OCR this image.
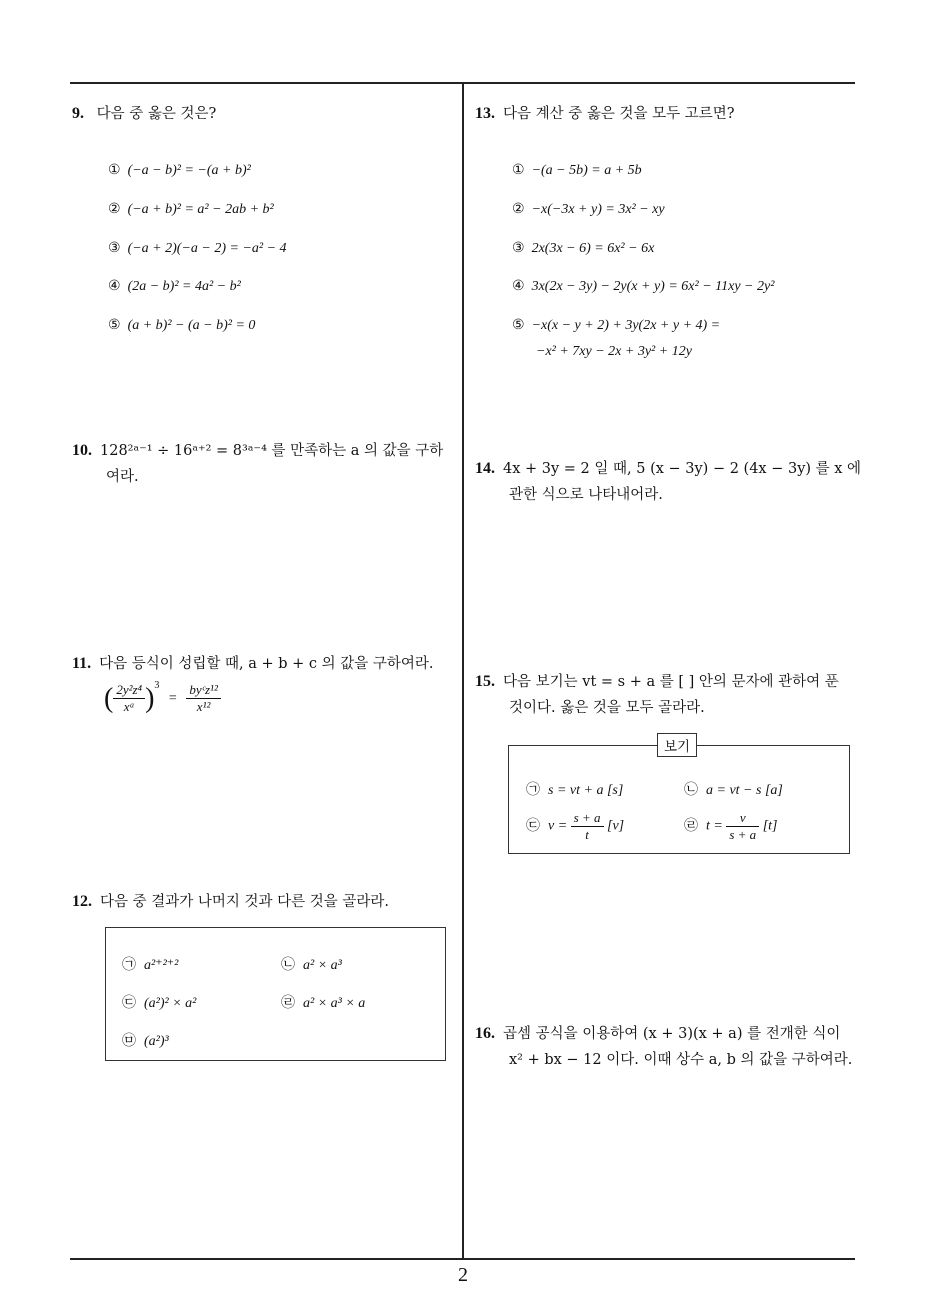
9. 다음 중 옳은 것은?
① (−a − b)² = −(a + b)²
② (−a + b)² = a² − 2ab + b²
③ (−a + 2)(−a − 2) = −a² − 4
④ (2a − b)² = 4a² − b²
⑤ (a + b)² − (a − b)² = 0
10. 128²ᵃ⁻¹ ÷ 16ᵃ⁺² = 8³ᵃ⁻⁴ 를 만족하는 a 의 값을 구하
여라.
11. 다음 등식이 성립할 때, a + b + c 의 값을 구하여라.
( $\frac{\text{2y²z⁴}}{\text{xᵃ}} )^3 = \frac{\text{byᶜz¹²}}{\text{x¹²}}$
12. 다음 중 결과가 나머지 것과 다른 것을 골라라.
㉠ a²⁺²⁺²	㉡ a² × a³
㉢ (a²)² × a²	㉣ a² × a³ × a
㉤ (a²)³
13. 다음 계산 중 옳은 것을 모두 고르면?
① −(a − 5b) = a + 5b
② −x(−3x + y) = 3x² − xy
③ 2x(3x − 6) = 6x² − 6x
④ 3x(2x − 3y) − 2y(x + y) = 6x² − 11xy − 2y²
⑤ −x(x − y + 2) + 3y(2x + y + 4) =
−x² + 7xy − 2x + 3y² + 12y
14. 4x + 3y = 2 일 때, 5 (x − 3y) − 2 (4x − 3y) 를 x 에
관한 식으로 나타내어라.
15. 다음 보기는 vt = s + a 를 [ ] 안의 문자에 관하여 푼
것이다. 옳은 것을 모두 골라라.
보기
㉠ s = vt + a [s]	㉡ a = vt − s [a]
㉢ $v = \frac{s + a}{t} [v]$	㉣ $t = \frac{v}{s + a} [t]$
16. 곱셈 공식을 이용하여 (x + 3)(x + a) 를 전개한 식이
x² + bx − 12 이다. 이때 상수 a, b 의 값을 구하여라.
2
